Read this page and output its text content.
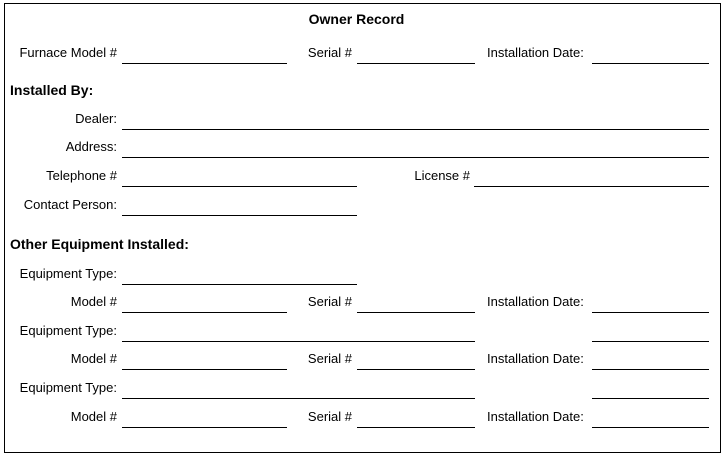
Owner Record
Furnace Model #	Serial #	Installation Date:
Installed By:
Dealer:
Address:
Telephone #	License #
Contact Person:
Other Equipment Installed:
Equipment Type:
Model #	Serial #	Installation Date:
Equipment Type:
Model #	Serial #	Installation Date:
Equipment Type:
Model #	Serial #	Installation Date:
